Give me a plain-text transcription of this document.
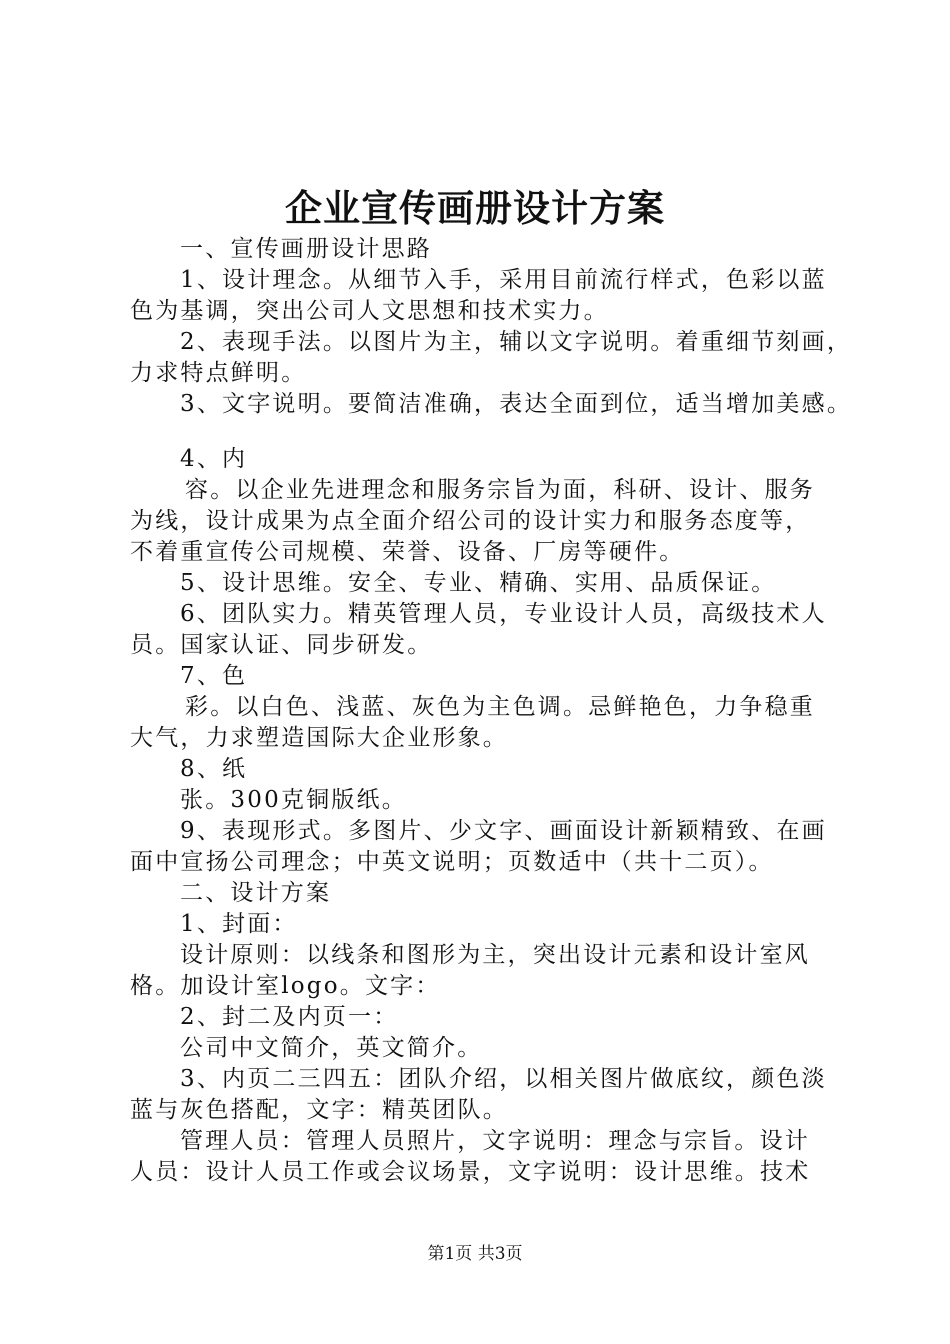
企业宣传画册设计方案
一、宣传画册设计思路
1、设计理念。从细节入手，采用目前流行样式，色彩以蓝
色为基调，突出公司人文思想和技术实力。
2、表现手法。以图片为主，辅以文字说明。着重细节刻画，
力求特点鲜明。
3、文字说明。要简洁准确，表达全面到位，适当增加美感。
4、内
容。以企业先进理念和服务宗旨为面，科研、设计、服务
为线，设计成果为点全面介绍公司的设计实力和服务态度等，
不着重宣传公司规模、荣誉、设备、厂房等硬件。
5、设计思维。安全、专业、精确、实用、品质保证。
6、团队实力。精英管理人员，专业设计人员，高级技术人
员。国家认证、同步研发。
7、色
彩。以白色、浅蓝、灰色为主色调。忌鲜艳色，力争稳重
大气，力求塑造国际大企业形象。
8、纸
张。300克铜版纸。
9、表现形式。多图片、少文字、画面设计新颖精致、在画
面中宣扬公司理念；中英文说明；页数适中（共十二页）。
二、设计方案
1、封面：
设计原则：以线条和图形为主，突出设计元素和设计室风
格。加设计室logo。文字：
2、封二及内页一：
公司中文简介，英文简介。
3、内页二三四五：团队介绍，以相关图片做底纹，颜色淡
蓝与灰色搭配，文字：精英团队。
管理人员：管理人员照片，文字说明：理念与宗旨。设计
人员：设计人员工作或会议场景，文字说明：设计思维。技术
第1页 共3页
